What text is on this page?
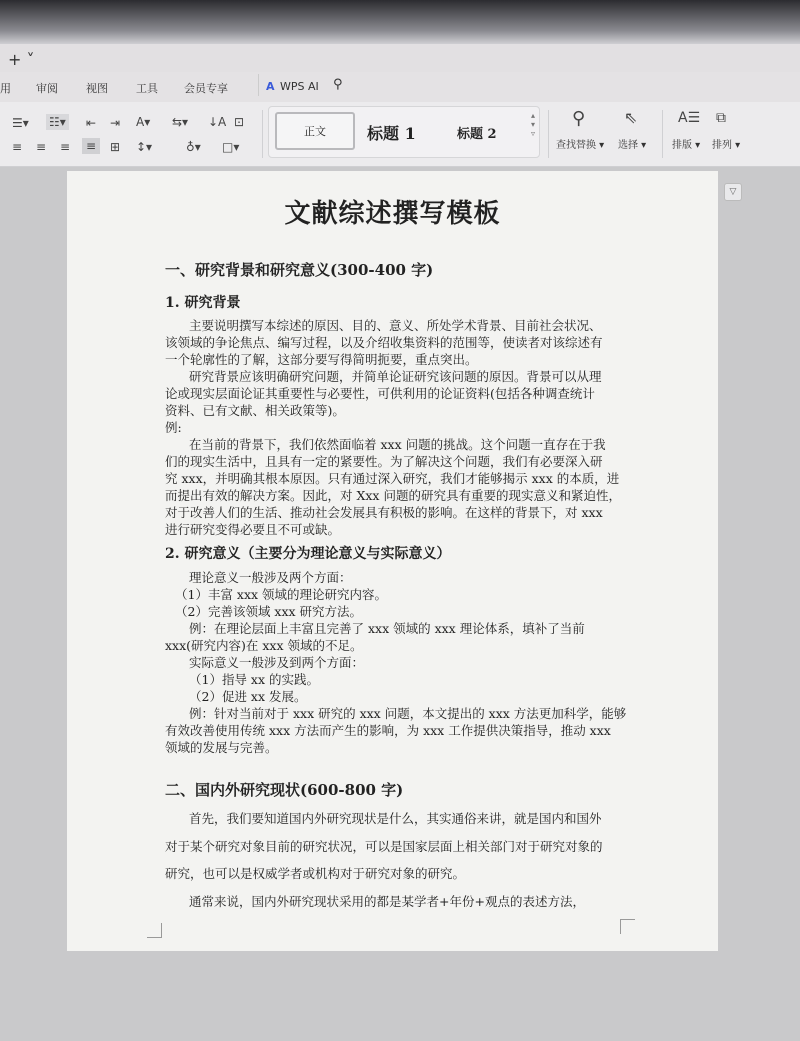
+ ˅
用 审阅	视图	工具 会员专享	A WPS AI ⚲
☰▾ ☷▾ ⇤ ⇥ A▾ ⇆▾ ↓A ⊡
≡ ≡ ≡	≡	⊞ ↕▾	♁▾ □▾
正文	标题 1	标题 2
▴
▾
▿
⚲
查找替换 ▾
⇖
选择 ▾
A☰
排版 ▾
⧉
排列 ▾
▽
文献综述撰写模板
一、研究背景和研究意义(300-400 字)
1. 研究背景
主要说明撰写本综述的原因、目的、意义、所处学术背景、目前社会状况、
该领域的争论焦点、编写过程，以及介绍收集资料的范围等，使读者对该综述有
一个轮廓性的了解，这部分要写得简明扼要，重点突出。
研究背景应该明确研究问题，并简单论证研究该问题的原因。背景可以从理
论或现实层面论证其重要性与必要性，可供利用的论证资料(包括各种调查统计
资料、已有文献、相关政策等)。
例:
在当前的背景下，我们依然面临着 xxx 问题的挑战。这个问题一直存在于我
们的现实生活中，且具有一定的紧要性。为了解决这个问题，我们有必要深入研
究 xxx，并明确其根本原因。只有通过深入研究，我们才能够揭示 xxx 的本质，进
而提出有效的解决方案。因此，对 Xxx 问题的研究具有重要的现实意义和紧迫性，
对于改善人们的生活、推动社会发展具有积极的影响。在这样的背景下，对 xxx
进行研究变得必要且不可或缺。
2. 研究意义（主要分为理论意义与实际意义）
理论意义一般涉及两个方面：
（1）丰富 xxx 领域的理论研究内容。
（2）完善该领域 xxx 研究方法。
例：在理论层面上丰富且完善了 xxx 领域的 xxx 理论体系，填补了当前
xxx(研究内容)在 xxx 领域的不足。
实际意义一般涉及到两个方面：
（1）指导 xx 的实践。
（2）促进 xx 发展。
例：针对当前对于 xxx 研究的 xxx 问题，本文提出的 xxx 方法更加科学，能够
有效改善使用传统 xxx 方法而产生的影响，为 xxx 工作提供决策指导，推动 xxx
领域的发展与完善。
二、国内外研究现状(600-800 字)
首先，我们要知道国内外研究现状是什么，其实通俗来讲，就是国内和国外
对于某个研究对象目前的研究状况，可以是国家层面上相关部门对于研究对象的
研究，也可以是权威学者或机构对于研究对象的研究。
通常来说，国内外研究现状采用的都是某学者+年份+观点的表述方法，
